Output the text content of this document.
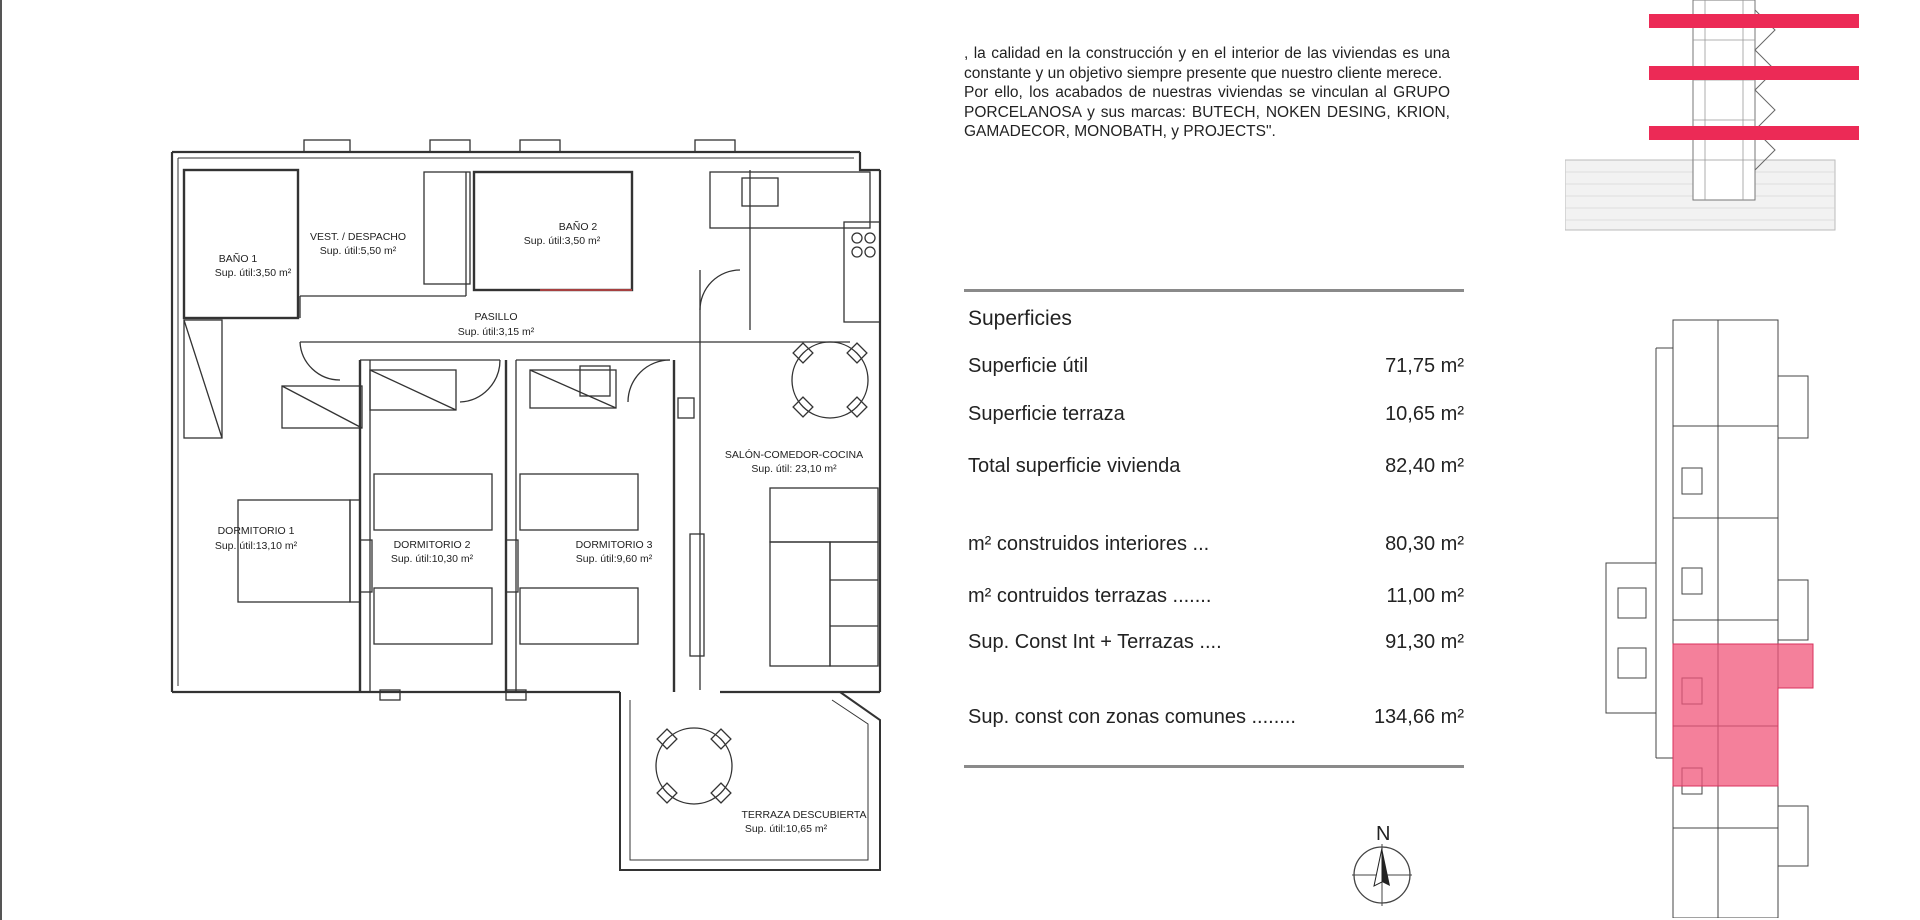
BAÑO 1
Sup. útil:3,50 m²
VEST. / DESPACHO
Sup. útil:5,50 m²
BAÑO 2
Sup. útil:3,50 m²
PASILLO
Sup. útil:3,15 m²
SALÓN-COMEDOR-COCINA
Sup. útil: 23,10 m²
DORMITORIO 1
Sup. útil:13,10 m²	DORMITORIO 2
Sup. útil:10,30 m²
DORMITORIO 3
Sup. útil:9,60 m²
TERRAZA DESCUBIERTA
Sup. útil:10,65 m²

, la calidad en la construcción y en el interior de las viviendas es una constante y un objetivo siempre presente que nuestro cliente merece.

Por ello, los acabados de nuestras viviendas se vinculan al GRUPO PORCELANOSA y sus marcas: BUTECH, NOKEN DESING, KRION, GAMADECOR, MONOBATH, y PROJECTS".

Superficies
Superficie útil	71,75 m²
Superficie terraza	10,65 m²
Total superficie vivienda	82,40 m²
m² construidos interiores ...	80,30 m²
m² contruidos terrazas .......	11,00 m²
Sup. Const Int + Terrazas ....	91,30 m²
Sup. const con zonas comunes ........	134,66 m²
N
